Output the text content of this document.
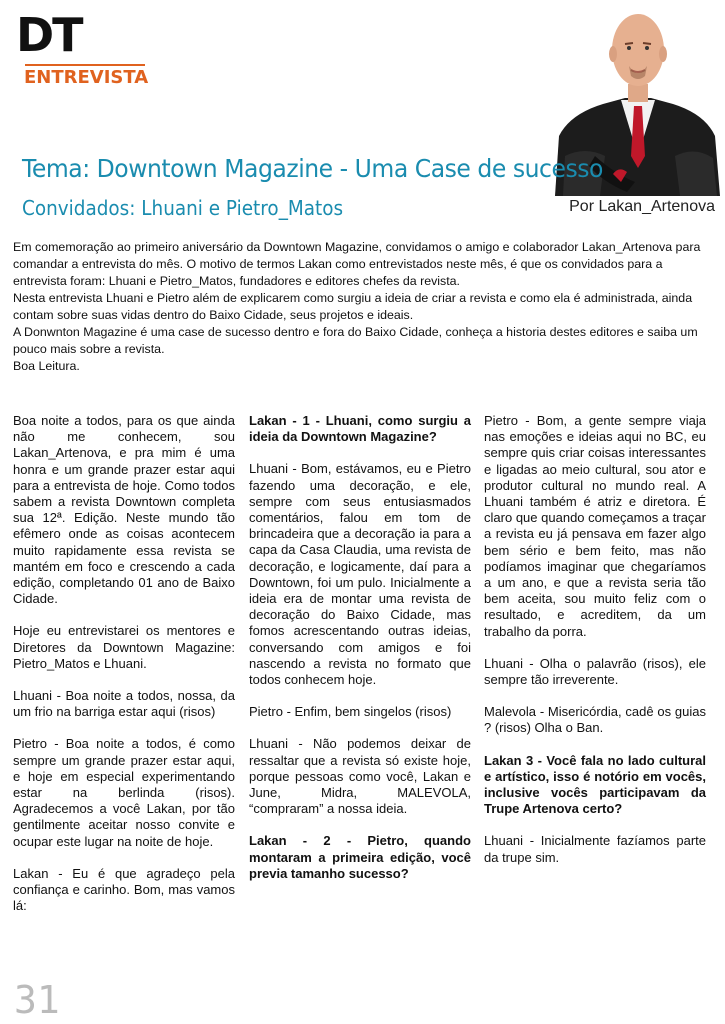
DT
ENTREVISTA
Tema: Downtown Magazine - Uma Case de sucesso
Convidados: Lhuani e Pietro_Matos	Por Lakan_Artenova

Em comemoração ao primeiro aniversário da Downtown Magazine, convidamos o amigo e colaborador Lakan_Artenova para comandar a entrevista do mês. O motivo de termos Lakan como entrevistados neste mês, é que os convidados para a entrevista foram: Lhuani e Pietro_Matos, fundadores e editores chefes da revista.

Nesta entrevista Lhuani e Pietro além de explicarem como surgiu a ideia de criar a revista e como ela é administrada, ainda contam sobre suas vidas dentro do Baixo Cidade, seus projetos e ideais.

A Donwnton Magazine é uma case de sucesso dentro e fora do Baixo Cidade, conheça a historia destes editores e saiba um pouco mais sobre a revista.

Boa Leitura.

Boa noite a todos, para os que ainda não me conhecem, sou Lakan_Artenova, e pra mim é uma honra e um grande prazer estar aqui para a entrevista de hoje. Como todos sabem a revista Downtown completa sua 12ª. Edição. Neste mundo tão efêmero onde as coisas acontecem muito rapidamente essa revista se mantém em foco e crescendo a cada edição, completando 01 ano de Baixo Cidade.

Hoje eu entrevistarei os mentores e Diretores da Downtown Magazine: Pietro_Matos e Lhuani.

Lhuani - Boa noite a todos, nossa, da um frio na barriga estar aqui (risos)

Pietro - Boa noite a todos, é como sempre um grande prazer estar aqui, e hoje em especial experimentando estar na berlinda (risos). Agradecemos a você Lakan, por tão gentilmente aceitar nosso convite e ocupar este lugar na noite de hoje.

Lakan - Eu é que agradeço pela confiança e carinho. Bom, mas vamos lá:

Lakan - 1 - Lhuani, como surgiu a ideia da Downtown Magazine?

Lhuani - Bom, estávamos, eu e Pietro fazendo uma decoração, e ele, sempre com seus entusiasmados comentários, falou em tom de brincadeira que a decoração ia para a capa da Casa Claudia, uma revista de decoração, e logicamente, daí para a Downtown, foi um pulo. Inicialmente a ideia era de montar uma revista de decoração do Baixo Cidade, mas fomos acrescentando outras ideias, conversando com amigos e foi nascendo a revista no formato que todos conhecem hoje.

Pietro - Enfim, bem singelos (risos)

Lhuani - Não podemos deixar de ressaltar que a revista só existe hoje, porque pessoas como você, Lakan e June, Midra, MALEVOLA, “compraram” a nossa ideia.

Lakan - 2 - Pietro, quando montaram a primeira edição, você previa tamanho sucesso?

Pietro - Bom, a gente sempre viaja nas emoções e ideias aqui no BC, eu sempre quis criar coisas interessantes e ligadas ao meio cultural, sou ator e produtor cultural no mundo real. A Lhuani também é atriz e diretora. É claro que quando começamos a traçar a revista eu já pensava em fazer algo bem sério e bem feito, mas não podíamos imaginar que chegaríamos a um ano, e que a revista seria tão bem aceita, sou muito feliz com o resultado, e acreditem, da um trabalho da porra.

Lhuani - Olha o palavrão (risos), ele sempre tão irreverente.

Malevola - Misericórdia, cadê os guias ? (risos) Olha o Ban.

Lakan 3 - Você fala no lado cultural e artístico, isso é notório em vocês, inclusive vocês participavam da Trupe Artenova certo?

Lhuani - Inicialmente fazíamos parte da trupe sim.

31
